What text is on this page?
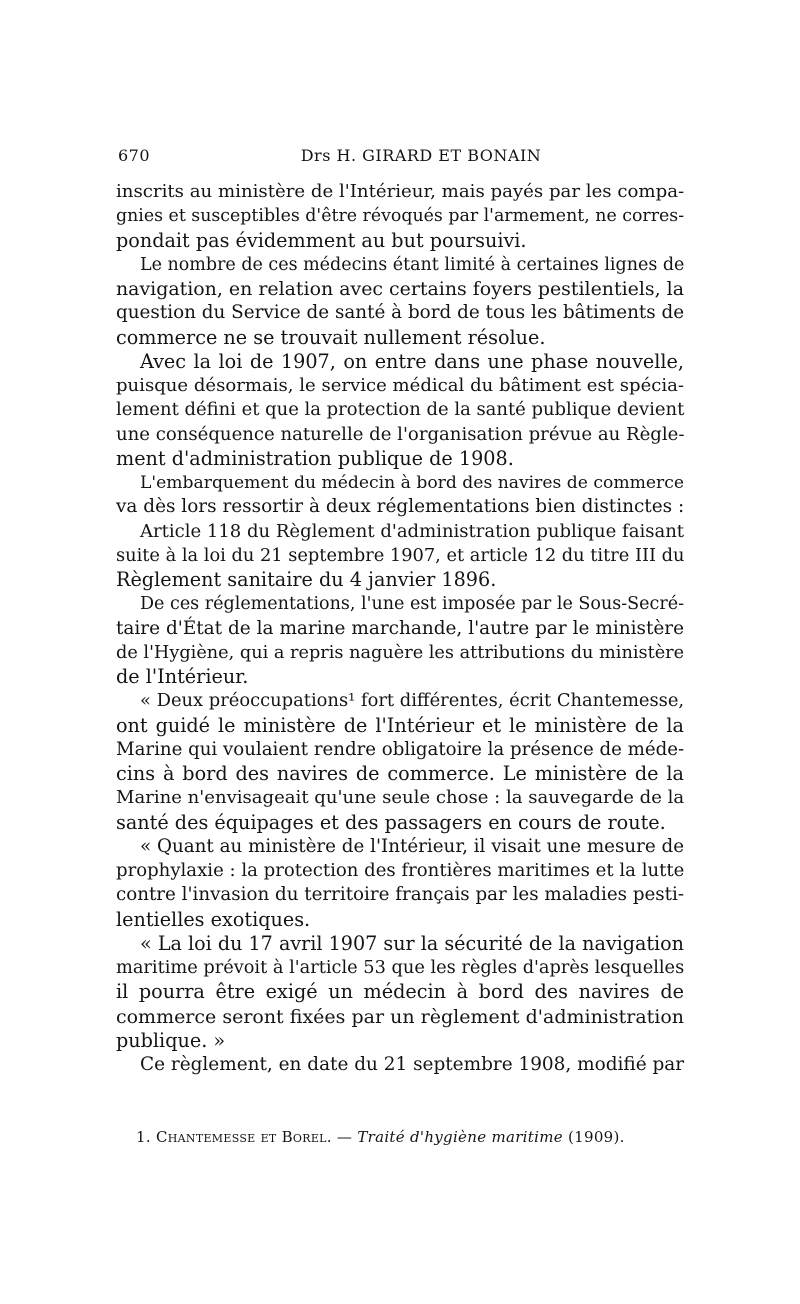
670	Drs H. GIRARD ET BONAIN
inscrits au ministère de l'Intérieur, mais payés par les compa-
gnies et susceptibles d'être révoqués par l'armement, ne corres-
pondait pas évidemment au but poursuivi.
Le nombre de ces médecins étant limité à certaines lignes de
navigation, en relation avec certains foyers pestilentiels, la
question du Service de santé à bord de tous les bâtiments de
commerce ne se trouvait nullement résolue.
Avec la loi de 1907, on entre dans une phase nouvelle,
puisque désormais, le service médical du bâtiment est spécia-
lement défini et que la protection de la santé publique devient
une conséquence naturelle de l'organisation prévue au Règle-
ment d'administration publique de 1908.
L'embarquement du médecin à bord des navires de commerce
va dès lors ressortir à deux réglementations bien distinctes :
Article 118 du Règlement d'administration publique faisant
suite à la loi du 21 septembre 1907, et article 12 du titre III du
Règlement sanitaire du 4 janvier 1896.
De ces réglementations, l'une est imposée par le Sous-Secré-
taire d'État de la marine marchande, l'autre par le ministère
de l'Hygiène, qui a repris naguère les attributions du ministère
de l'Intérieur.
« Deux préoccupations¹ fort différentes, écrit Chantemesse,
ont guidé le ministère de l'Intérieur et le ministère de la
Marine qui voulaient rendre obligatoire la présence de méde-
cins à bord des navires de commerce. Le ministère de la
Marine n'envisageait qu'une seule chose : la sauvegarde de la
santé des équipages et des passagers en cours de route.
« Quant au ministère de l'Intérieur, il visait une mesure de
prophylaxie : la protection des frontières maritimes et la lutte
contre l'invasion du territoire français par les maladies pesti-
lentielles exotiques.
« La loi du 17 avril 1907 sur la sécurité de la navigation
maritime prévoit à l'article 53 que les règles d'après lesquelles
il pourra être exigé un médecin à bord des navires de
commerce seront fixées par un règlement d'administration
publique. »
Ce règlement, en date du 21 septembre 1908, modifié par
1. Chantemesse et Borel. — Traité d'hygiène maritime (1909).
